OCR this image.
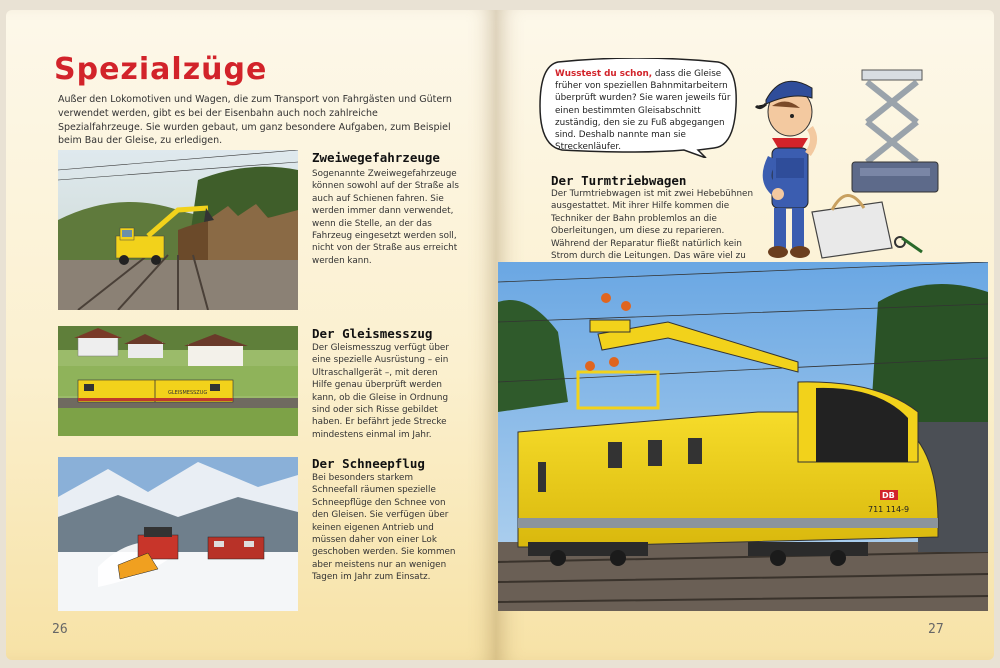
Spezialzüge

Außer den Lokomotiven und Wagen, die zum Transport von Fahrgästen und Gütern verwendet werden, gibt es bei der Eisenbahn auch noch zahlreiche Spezialfahrzeuge. Sie wurden gebaut, um ganz besondere Aufgaben, zum Beispiel beim Bau der Gleise, zu erledigen.

Zweiwegefahrzeuge

Sogenannte Zweiwegefahrzeuge können sowohl auf der Straße als auch auf Schienen fahren. Sie werden immer dann verwendet, wenn die Stelle, an der das Fahrzeug eingesetzt werden soll, nicht von der Straße aus erreicht werden kann.

GLEISMESSZUG
Der Gleismesszug

Der Gleismesszug verfügt über eine spezielle Ausrüstung – ein Ultraschallgerät –, mit deren Hilfe genau überprüft werden kann, ob die Gleise in Ordnung sind oder sich Risse gebildet haben. Er befährt jede Strecke mindestens einmal im Jahr.

Der Schneepflug

Bei besonders starkem Schneefall räumen spezielle Schneepflüge den Schnee von den Gleisen. Sie verfügen über keinen eigenen Antrieb und müssen daher von einer Lok geschoben werden. Sie kommen aber meistens nur an wenigen Tagen im Jahr zum Einsatz.

26

Wusstest du schon, dass die Gleise früher von speziellen Bahnmitarbeitern überprüft wurden? Sie waren jeweils für einen bestimmten Gleisabschnitt zuständig, den sie zu Fuß abgegangen sind. Deshalb nannte man sie Streckenläufer.

Der Turmtriebwagen

Der Turmtriebwagen ist mit zwei Hebebühnen ausgestattet. Mit ihrer Hilfe kommen die Techniker der Bahn problemlos an die Oberleitungen, um diese zu reparieren. Während der Reparatur fließt natürlich kein Strom durch die Leitungen. Das wäre viel zu

DB
711 114-9
27
